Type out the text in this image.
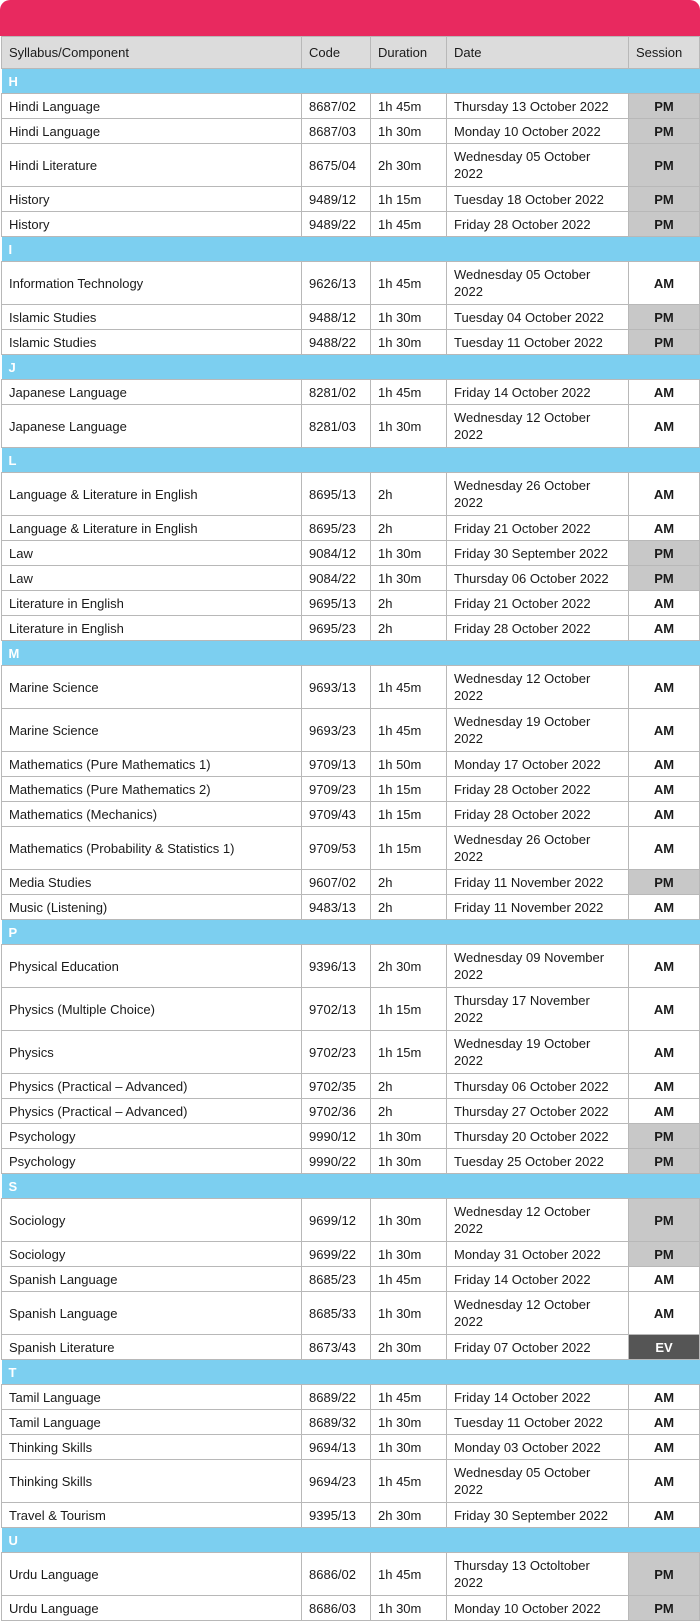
Syllabus/Component	Code	Duration	Date	Session
H				
Hindi Language	8687/02	1h 45m	Thursday 13 October 2022	PM
Hindi Language	8687/03	1h 30m	Monday 10 October 2022	PM
Hindi Literature	8675/04	2h 30m	Wednesday 05 October 2022	PM
History	9489/12	1h 15m	Tuesday 18 October 2022	PM
History	9489/22	1h 45m	Friday 28 October 2022	PM
I				
Information Technology	9626/13	1h 45m	Wednesday 05 October 2022	AM
Islamic Studies	9488/12	1h 30m	Tuesday 04 October 2022	PM
Islamic Studies	9488/22	1h 30m	Tuesday 11 October 2022	PM
J				
Japanese Language	8281/02	1h 45m	Friday 14 October 2022	AM
Japanese Language	8281/03	1h 30m	Wednesday 12 October 2022	AM
L				
Language & Literature in English	8695/13	2h	Wednesday 26 October 2022	AM
Language & Literature in English	8695/23	2h	Friday 21 October 2022	AM
Law	9084/12	1h 30m	Friday 30 September 2022	PM
Law	9084/22	1h 30m	Thursday 06 October 2022	PM
Literature in English	9695/13	2h	Friday 21 October 2022	AM
Literature in English	9695/23	2h	Friday 28 October 2022	AM
M				
Marine Science	9693/13	1h 45m	Wednesday 12 October 2022	AM
Marine Science	9693/23	1h 45m	Wednesday 19 October 2022	AM
Mathematics (Pure Mathematics 1)	9709/13	1h 50m	Monday 17 October 2022	AM
Mathematics (Pure Mathematics 2)	9709/23	1h 15m	Friday 28 October 2022	AM
Mathematics (Mechanics)	9709/43	1h 15m	Friday 28 October 2022	AM
Mathematics (Probability & Statistics 1)	9709/53	1h 15m	Wednesday 26 October 2022	AM
Media Studies	9607/02	2h	Friday 11 November 2022	PM
Music (Listening)	9483/13	2h	Friday 11 November 2022	AM
P				
Physical Education	9396/13	2h 30m	Wednesday 09 November 2022	AM
Physics (Multiple Choice)	9702/13	1h 15m	Thursday 17 November 2022	AM
Physics	9702/23	1h 15m	Wednesday 19 October 2022	AM
Physics (Practical – Advanced)	9702/35	2h	Thursday 06 October 2022	AM
Physics (Practical – Advanced)	9702/36	2h	Thursday 27 October 2022	AM
Psychology	9990/12	1h 30m	Thursday 20 October 2022	PM
Psychology	9990/22	1h 30m	Tuesday 25 October 2022	PM
S				
Sociology	9699/12	1h 30m	Wednesday 12 October 2022	PM
Sociology	9699/22	1h 30m	Monday 31 October 2022	PM
Spanish Language	8685/23	1h 45m	Friday 14 October 2022	AM
Spanish Language	8685/33	1h 30m	Wednesday 12 October 2022	AM
Spanish Literature	8673/43	2h 30m	Friday 07 October 2022	EV
T				
Tamil Language	8689/22	1h 45m	Friday 14 October 2022	AM
Tamil Language	8689/32	1h 30m	Tuesday 11 October 2022	AM
Thinking Skills	9694/13	1h 30m	Monday 03 October 2022	AM
Thinking Skills	9694/23	1h 45m	Wednesday 05 October 2022	AM
Travel & Tourism	9395/13	2h 30m	Friday 30 September 2022	AM
U				
Urdu Language	8686/02	1h 45m	Thursday 13 Octoltober 2022	PM
Urdu Language	8686/03	1h 30m	Monday 10 October 2022	PM
